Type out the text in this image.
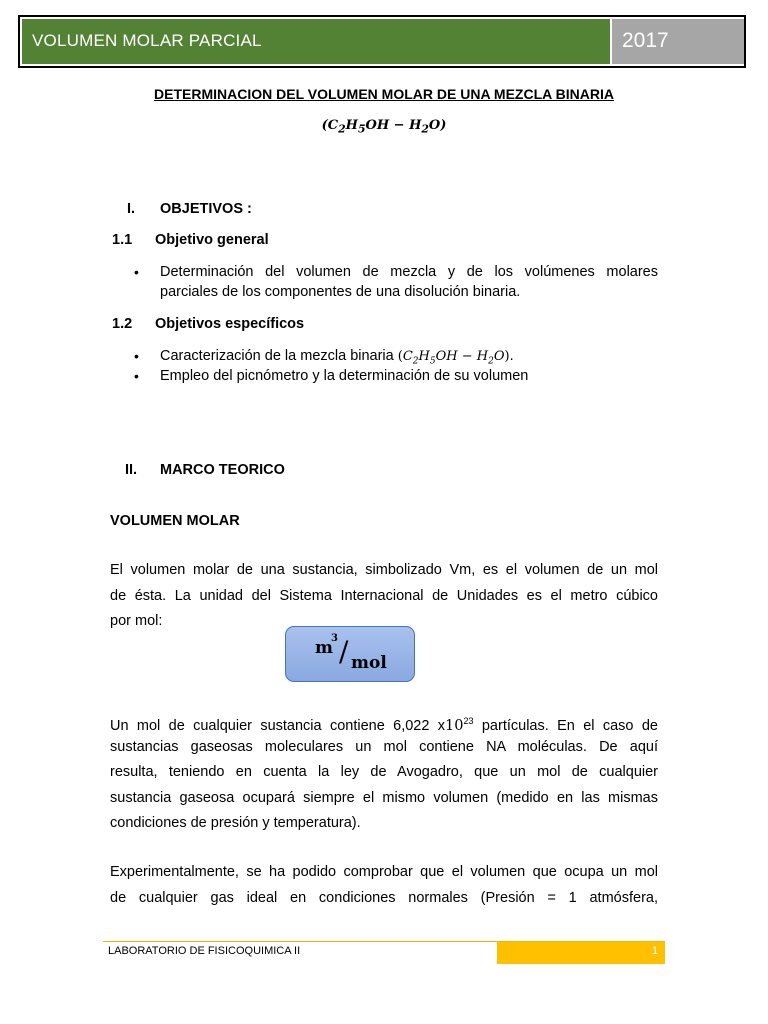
VOLUMEN MOLAR PARCIAL	2017
DETERMINACION DEL VOLUMEN MOLAR DE UNA MEZCLA BINARIA
$(C_2H_5OH - H_2O)$
I. OBJETIVOS :
1.1 Objetivo general
• Determinación del volumen de mezcla y de los volúmenes molares
parciales de los componentes de una disolución binaria.
1.2 Objetivos específicos
• Caracterización de la mezcla binaria $(C_2H_5OH - H_2O)$.
• Empleo del picnómetro y la determinación de su volumen
II. MARCO TEORICO
VOLUMEN MOLAR
El volumen molar de una sustancia, simbolizado Vm, es el volumen de un mol
de ésta. La unidad del Sistema Internacional de Unidades es el metro cúbico
por mol:
m
3 / mol
Un mol de cualquier sustancia contiene 6,022 $x10^{23}$ partículas. En el caso de
sustancias gaseosas moleculares un mol contiene NA moléculas. De aquí
resulta, teniendo en cuenta la ley de Avogadro, que un mol de cualquier
sustancia gaseosa ocupará siempre el mismo volumen (medido en las mismas
condiciones de presión y temperatura).
Experimentalmente, se ha podido comprobar que el volumen que ocupa un mol
de cualquier gas ideal en condiciones normales (Presión = 1 atmósfera,
LABORATORIO DE FISICOQUIMICA II	1
